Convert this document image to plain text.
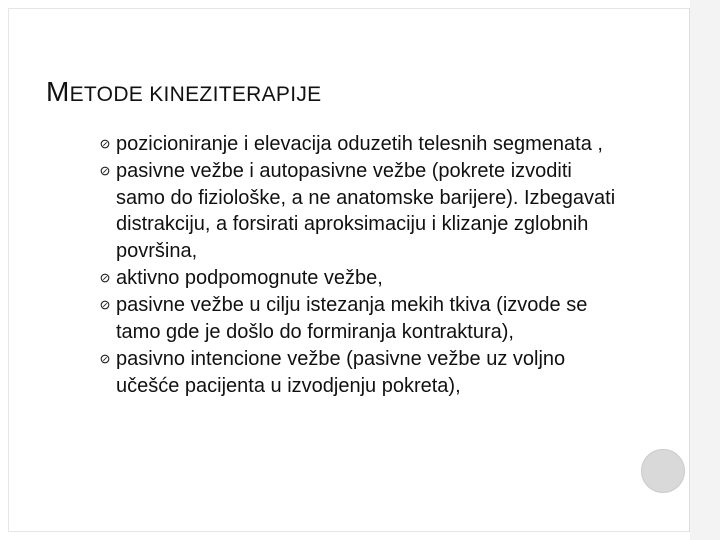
METODE KINEZITERAPIJE
pozicioniranje i elevacija oduzetih telesnih segmenata ,
pasivne vežbe i autopasivne vežbe (pokrete izvoditi samo do fiziološke, a ne anatomske barijere). Izbegavati distrakciju, a forsirati aproksimaciju i klizanje zglobnih površina,
aktivno podpomognute vežbe,
pasivne vežbe u cilju istezanja mekih tkiva (izvode se tamo gde je došlo do formiranja kontraktura),
pasivno intencione vežbe (pasivne vežbe uz voljno učešće pacijenta u izvodjenju pokreta),
